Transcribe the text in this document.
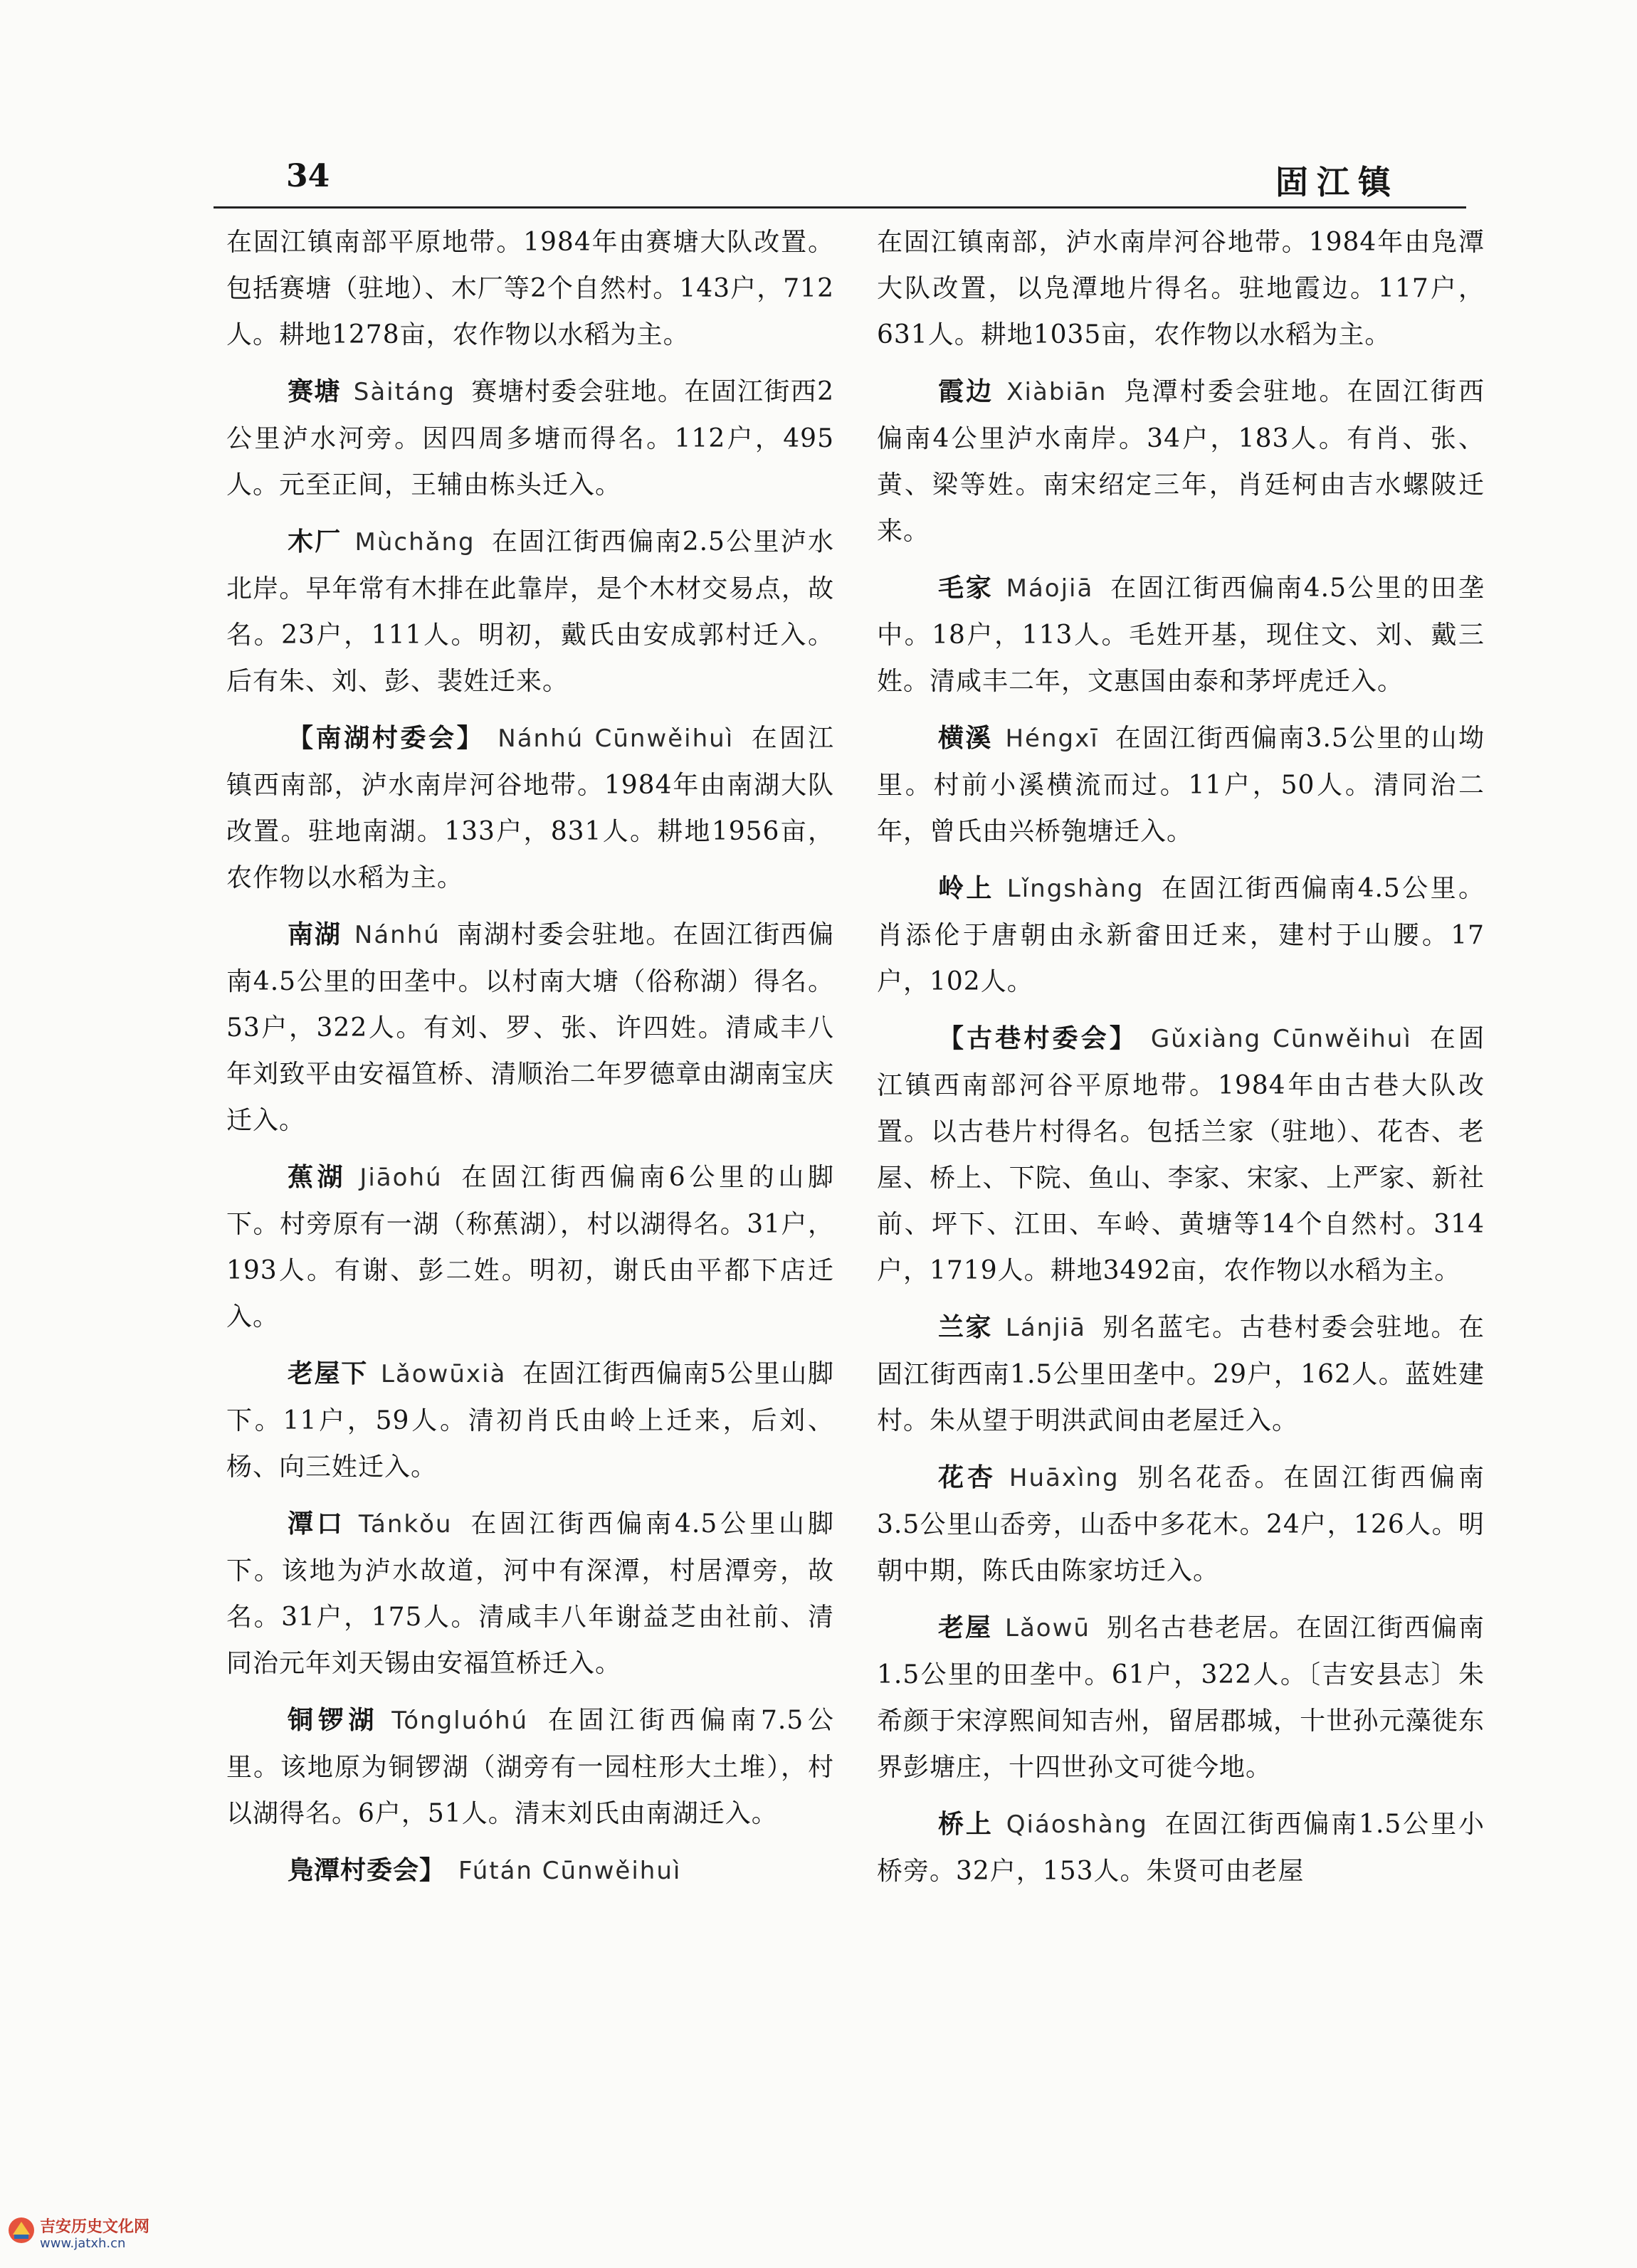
34	固江镇

在固江镇南部平原地带。1984年由赛塘大队改置。包括赛塘（驻地）、木厂等2个自然村。143户，712人。耕地1278亩，农作物以水稻为主。

赛塘 Sàitáng 赛塘村委会驻地。在固江街西2公里泸水河旁。因四周多塘而得名。112户，495人。元至正间，王辅由栋头迁入。

木厂 Mùchǎng 在固江街西偏南2.5公里泸水北岸。早年常有木排在此靠岸，是个木材交易点，故名。23户，111人。明初，戴氏由安成郭村迁入。后有朱、刘、彭、裴姓迁来。

【南湖村委会】 Nánhú Cūnwěihuì 在固江镇西南部，泸水南岸河谷地带。1984年由南湖大队改置。驻地南湖。133户，831人。耕地1956亩，农作物以水稻为主。

南湖 Nánhú 南湖村委会驻地。在固江街西偏南4.5公里的田垄中。以村南大塘（俗称湖）得名。53户，322人。有刘、罗、张、许四姓。清咸丰八年刘致平由安福笪桥、清顺治二年罗德章由湖南宝庆迁入。

蕉湖 Jiāohú 在固江街西偏南6公里的山脚下。村旁原有一湖（称蕉湖），村以湖得名。31户，193人。有谢、彭二姓。明初，谢氏由平都下店迁入。

老屋下 Lǎowūxià 在固江街西偏南5公里山脚下。11户，59人。清初肖氏由岭上迁来，后刘、杨、向三姓迁入。

潭口 Tánkǒu 在固江街西偏南4.5公里山脚下。该地为泸水故道，河中有深潭，村居潭旁，故名。31户，175人。清咸丰八年谢益芝由社前、清同治元年刘天锡由安福笪桥迁入。

铜锣湖 Tóngluóhú 在固江街西偏南7.5公里。该地原为铜锣湖（湖旁有一园柱形大土堆），村以湖得名。6户，51人。清末刘氏由南湖迁入。

鳬潭村委会】 Fútán Cūnwěihuì

在固江镇南部，泸水南岸河谷地带。1984年由凫潭大队改置，以凫潭地片得名。驻地霞边。117户，631人。耕地1035亩，农作物以水稻为主。

霞边 Xiàbiān 凫潭村委会驻地。在固江街西偏南4公里泸水南岸。34户，183人。有肖、张、黄、梁等姓。南宋绍定三年，肖廷柯由吉水螺陂迁来。

毛家 Máojiā 在固江街西偏南4.5公里的田垄中。18户，113人。毛姓开基，现住文、刘、戴三姓。清咸丰二年，文惠国由泰和茅坪虎迁入。

横溪 Héngxī 在固江街西偏南3.5公里的山坳里。村前小溪横流而过。11户，50人。清同治二年，曾氏由兴桥匏塘迁入。

岭上 Lǐngshàng 在固江街西偏南4.5公里。肖添伦于唐朝由永新畲田迁来，建村于山腰。17户，102人。

【古巷村委会】 Gǔxiàng Cūnwěihuì 在固江镇西南部河谷平原地带。1984年由古巷大队改置。以古巷片村得名。包括兰家（驻地）、花杏、老屋、桥上、下院、鱼山、李家、宋家、上严家、新社前、坪下、江田、车岭、黄塘等14个自然村。314户，1719人。耕地3492亩，农作物以水稻为主。

兰家 Lánjiā 别名蓝宅。古巷村委会驻地。在固江街西南1.5公里田垄中。29户，162人。蓝姓建村。朱从望于明洪武间由老屋迁入。

花杏 Huāxìng 别名花岙。在固江街西偏南3.5公里山岙旁，山岙中多花木。24户，126人。明朝中期，陈氏由陈家坊迁入。

老屋 Lǎowū 别名古巷老居。在固江街西偏南1.5公里的田垄中。61户，322人。〔吉安县志〕朱希颜于宋淳熙间知吉州，留居郡城，十世孙元藻徙东界彭塘庄，十四世孙文可徙今地。

桥上 Qiáoshàng 在固江街西偏南1.5公里小桥旁。32户，153人。朱贤可由老屋

吉安历史文化网
www.jatxh.cn
